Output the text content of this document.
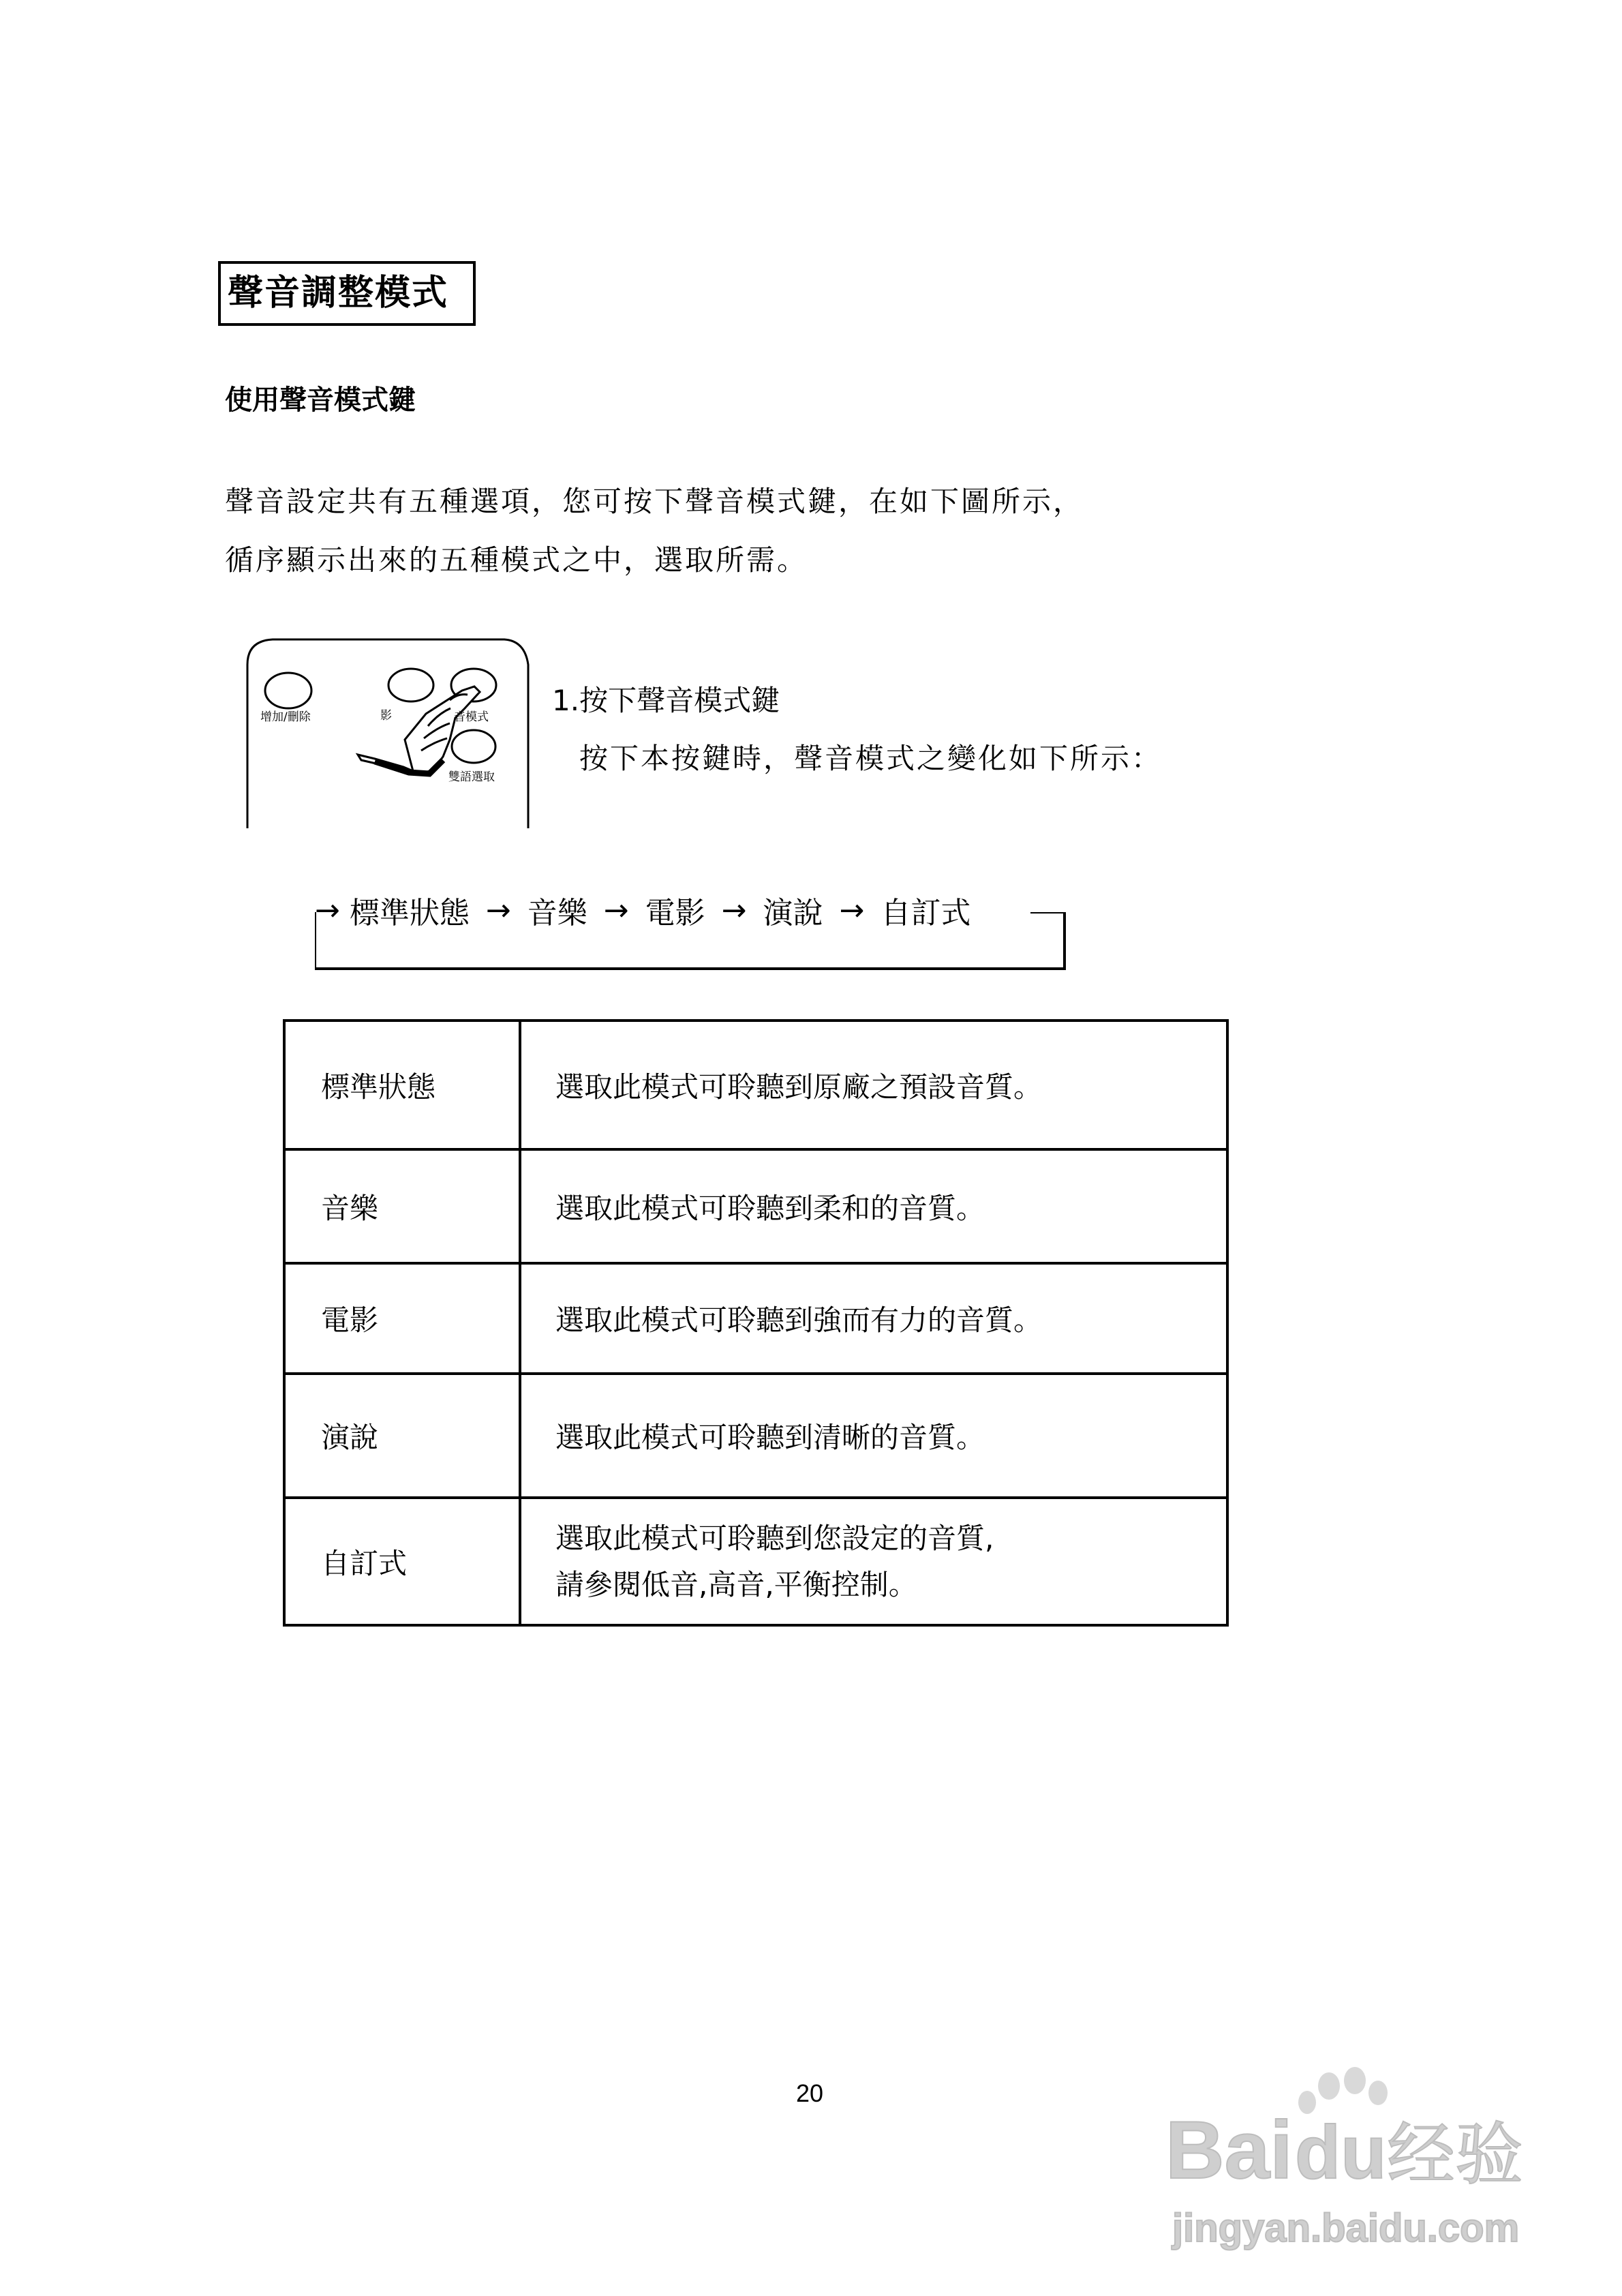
聲音調整模式
使用聲音模式鍵
聲音設定共有五種選項，您可按下聲音模式鍵，在如下圖所示，
循序顯示出來的五種模式之中，選取所需。
增加/刪除	影	音模式
雙語選取
1.按下聲音模式鍵
按下本按鍵時，聲音模式之變化如下所示：
→ 標準狀態 → 音樂 → 電影 → 演說 → 自訂式
標準狀態	選取此模式可聆聽到原廠之預設音質。
音樂	選取此模式可聆聽到柔和的音質。
電影	選取此模式可聆聽到強而有力的音質。
演說	選取此模式可聆聽到清晰的音質。
自訂式	選取此模式可聆聽到您設定的音質,
請參閱低音,高音,平衡控制。
20
Bai du 经验
jingyan.baidu.com
